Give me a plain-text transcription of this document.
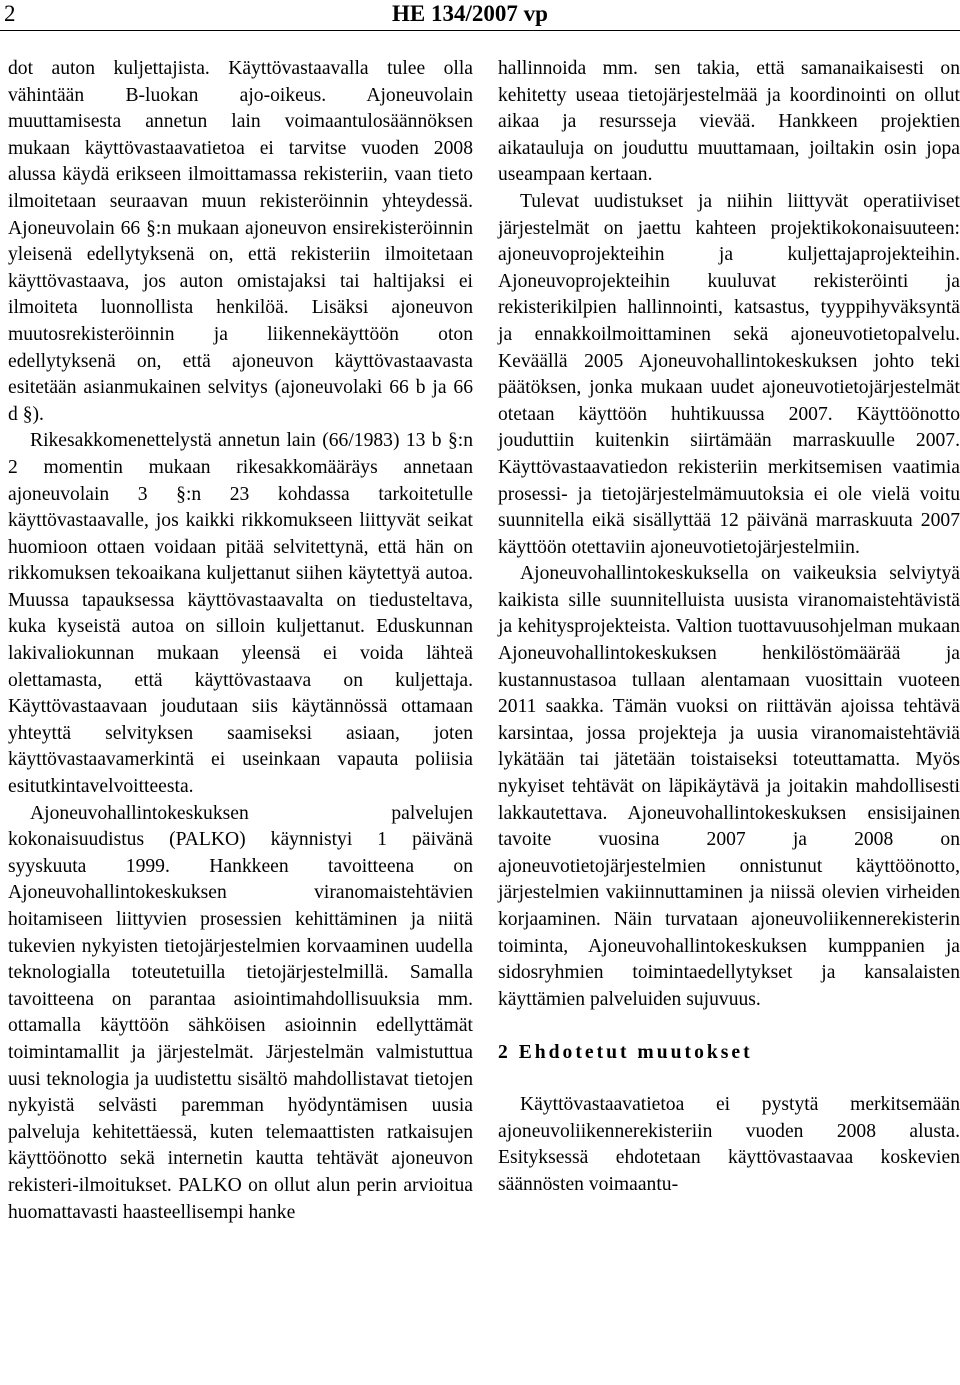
2	HE 134/2007 vp

dot auton kuljettajista. Käyttövastaavalla tulee olla vähintään B-luokan ajo-oikeus. Ajoneuvolain muuttamisesta annetun lain voimaantulosäännöksen mukaan käyttövastaavatietoa ei tarvitse vuoden 2008 alussa käydä erikseen ilmoittamassa rekisteriin, vaan tieto ilmoitetaan seuraavan muun rekisteröinnin yhteydessä. Ajoneuvolain 66 §:n mukaan ajoneuvon ensirekisteröinnin yleisenä edellytyksenä on, että rekisteriin ilmoitetaan käyttövastaava, jos auton omistajaksi tai haltijaksi ei ilmoiteta luonnollista henkilöä. Lisäksi ajoneuvon muutosrekisteröinnin ja liikennekäyttöön oton edellytyksenä on, että ajoneuvon käyttövastaavasta esitetään asianmukainen selvitys (ajoneuvolaki 66 b ja 66 d §).

Rikesakkomenettelystä annetun lain (66/1983) 13 b §:n 2 momentin mukaan rikesakkomääräys annetaan ajoneuvolain 3 §:n 23 kohdassa tarkoitetulle käyttövastaavalle, jos kaikki rikkomukseen liittyvät seikat huomioon ottaen voidaan pitää selvitettynä, että hän on rikkomuksen tekoaikana kuljettanut siihen käytettyä autoa. Muussa tapauksessa käyttövastaavalta on tiedusteltava, kuka kyseistä autoa on silloin kuljettanut. Eduskunnan lakivaliokunnan mukaan yleensä ei voida lähteä olettamasta, että käyttövastaava on kuljettaja. Käyttövastaavaan joudutaan siis käytännössä ottamaan yhteyttä selvityksen saamiseksi asiaan, joten käyttövastaavamerkintä ei useinkaan vapauta poliisia esitutkintavelvoitteesta.

Ajoneuvohallintokeskuksen palvelujen kokonaisuudistus (PALKO) käynnistyi 1 päivänä syyskuuta 1999. Hankkeen tavoitteena on Ajoneuvohallintokeskuksen viranomaistehtävien hoitamiseen liittyvien prosessien kehittäminen ja niitä tukevien nykyisten tietojärjestelmien korvaaminen uudella teknologialla toteutetuilla tietojärjestelmillä. Samalla tavoitteena on parantaa asiointimahdollisuuksia mm. ottamalla käyttöön sähköisen asioinnin edellyttämät toimintamallit ja järjestelmät. Järjestelmän valmistuttua uusi teknologia ja uudistettu sisältö mahdollistavat tietojen nykyistä selvästi paremman hyödyntämisen uusia palveluja kehitettäessä, kuten telemaattisten ratkaisujen käyttöönotto sekä internetin kautta tehtävät ajoneuvon rekisteri-ilmoitukset. PALKO on ollut alun perin arvioitua huomattavasti haasteellisempi hanke

hallinnoida mm. sen takia, että samanaikaisesti on kehitetty useaa tietojärjestelmää ja koordinointi on ollut aikaa ja resursseja vievää. Hankkeen projektien aikatauluja on jouduttu muuttamaan, joiltakin osin jopa useampaan kertaan.

Tulevat uudistukset ja niihin liittyvät operatiiviset järjestelmät on jaettu kahteen projektikokonaisuuteen: ajoneuvoprojekteihin ja kuljettajaprojekteihin. Ajoneuvoprojekteihin kuuluvat rekisteröinti ja rekisterikilpien hallinnointi, katsastus, tyyppihyväksyntä ja ennakkoilmoittaminen sekä ajoneuvotietopalvelu. Keväällä 2005 Ajoneuvohallintokeskuksen johto teki päätöksen, jonka mukaan uudet ajoneuvotietojärjestelmät otetaan käyttöön huhtikuussa 2007. Käyttöönotto jouduttiin kuitenkin siirtämään marraskuulle 2007. Käyttövastaavatiedon rekisteriin merkitsemisen vaatimia prosessi- ja tietojärjestelmämuutoksia ei ole vielä voitu suunnitella eikä sisällyttää 12 päivänä marraskuuta 2007 käyttöön otettaviin ajoneuvotietojärjestelmiin.

Ajoneuvohallintokeskuksella on vaikeuksia selviytyä kaikista sille suunnitelluista uusista viranomaistehtävistä ja kehitysprojekteista. Valtion tuottavuusohjelman mukaan Ajoneuvohallintokeskuksen henkilöstömäärää ja kustannustasoa tullaan alentamaan vuosittain vuoteen 2011 saakka. Tämän vuoksi on riittävän ajoissa tehtävä karsintaa, jossa projekteja ja uusia viranomaistehtäviä lykätään tai jätetään toistaiseksi toteuttamatta. Myös nykyiset tehtävät on läpikäytävä ja joitakin mahdollisesti lakkautettava. Ajoneuvohallintokeskuksen ensisijainen tavoite vuosina 2007 ja 2008 on ajoneuvotietojärjestelmien onnistunut käyttöönotto, järjestelmien vakiinnuttaminen ja niissä olevien virheiden korjaaminen. Näin turvataan ajoneuvoliikennerekisterin toiminta, Ajoneuvohallintokeskuksen kumppanien ja sidosryhmien toimintaedellytykset ja kansalaisten käyttämien palveluiden sujuvuus.

2 Ehdotetut muutokset

Käyttövastaavatietoa ei pystytä merkitsemään ajoneuvoliikennerekisteriin vuoden 2008 alusta. Esityksessä ehdotetaan käyttövastaavaa koskevien säännösten voimaantu-
